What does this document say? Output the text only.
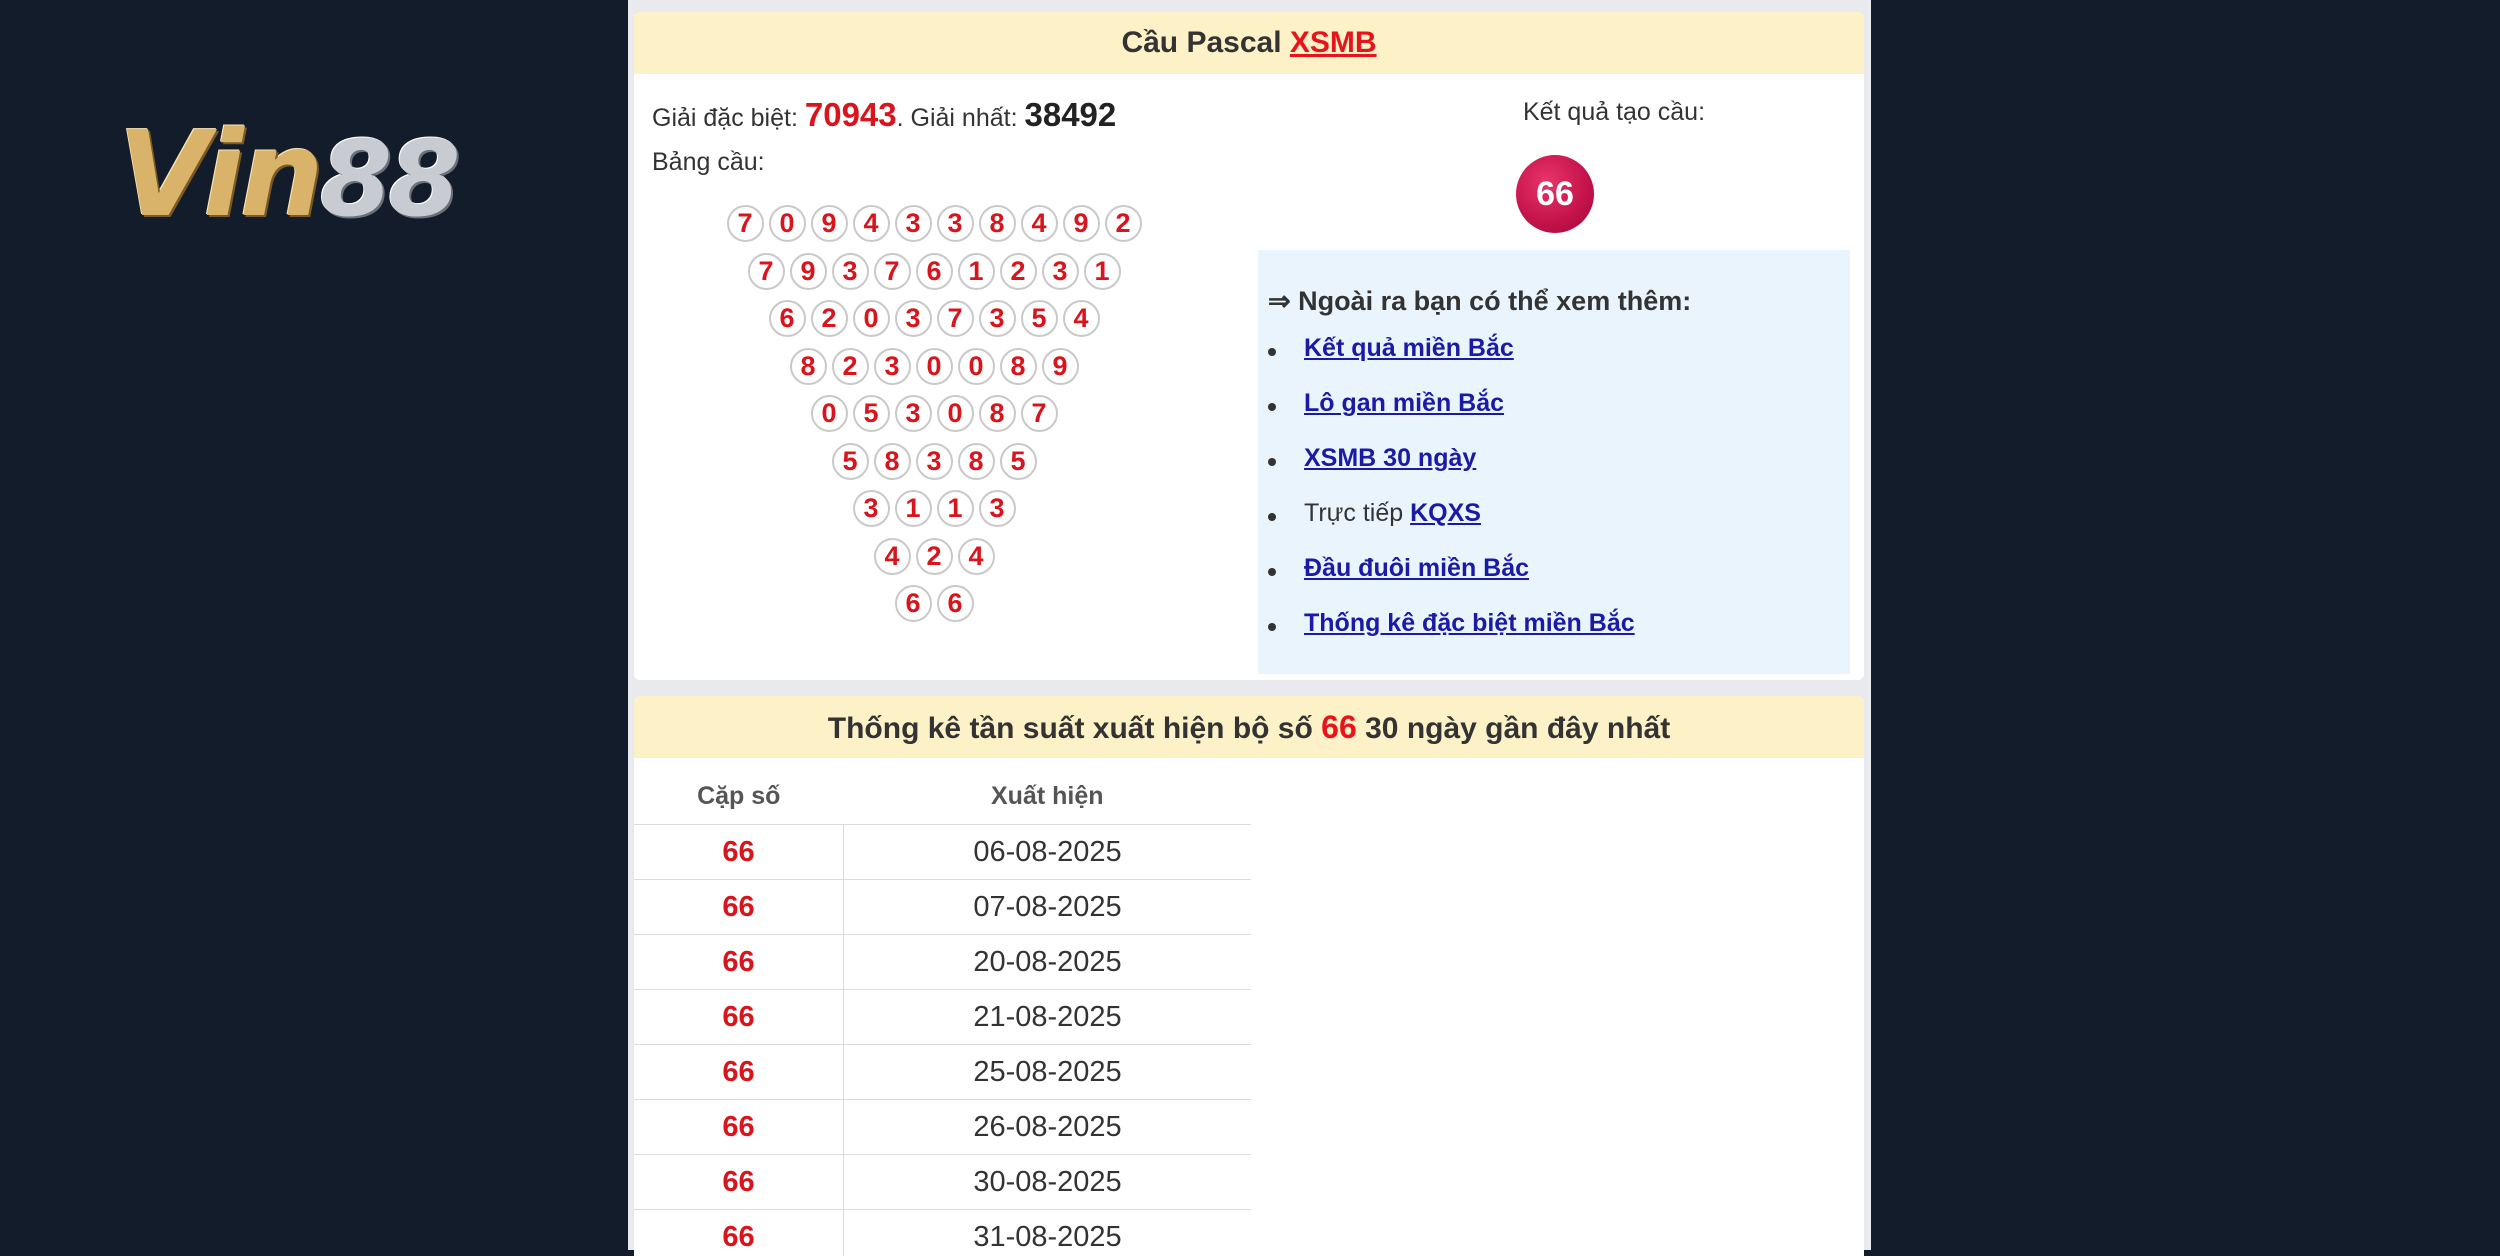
Vin88
Cầu Pascal XSMB
Giải đặc biệt: 70943. Giải nhất: 38492
Bảng cầu:
7 0 9 4 3 3 8 4 9 2
7 9 3 7 6 1 2 3 1
6 2 0 3 7 3 5 4
8 2 3 0 0 8 9
0 5 3 0 8 7
5 8 3 8 5
3 1 1 3
4 2 4
6 6
Kết quả tạo cầu:
66
⇒ Ngoài ra bạn có thể xem thêm:
Kết quả miền Bắc
Lô gan miền Bắc
XSMB 30 ngày
Trực tiếp KQXS
Đầu đuôi miền Bắc
Thống kê đặc biệt miền Bắc
Thống kê tần suất xuất hiện bộ số 66 30 ngày gần đây nhất
Cặp số	Xuất hiện
66	06-08-2025
66	07-08-2025
66	20-08-2025
66	21-08-2025
66	25-08-2025
66	26-08-2025
66	30-08-2025
66	31-08-2025
